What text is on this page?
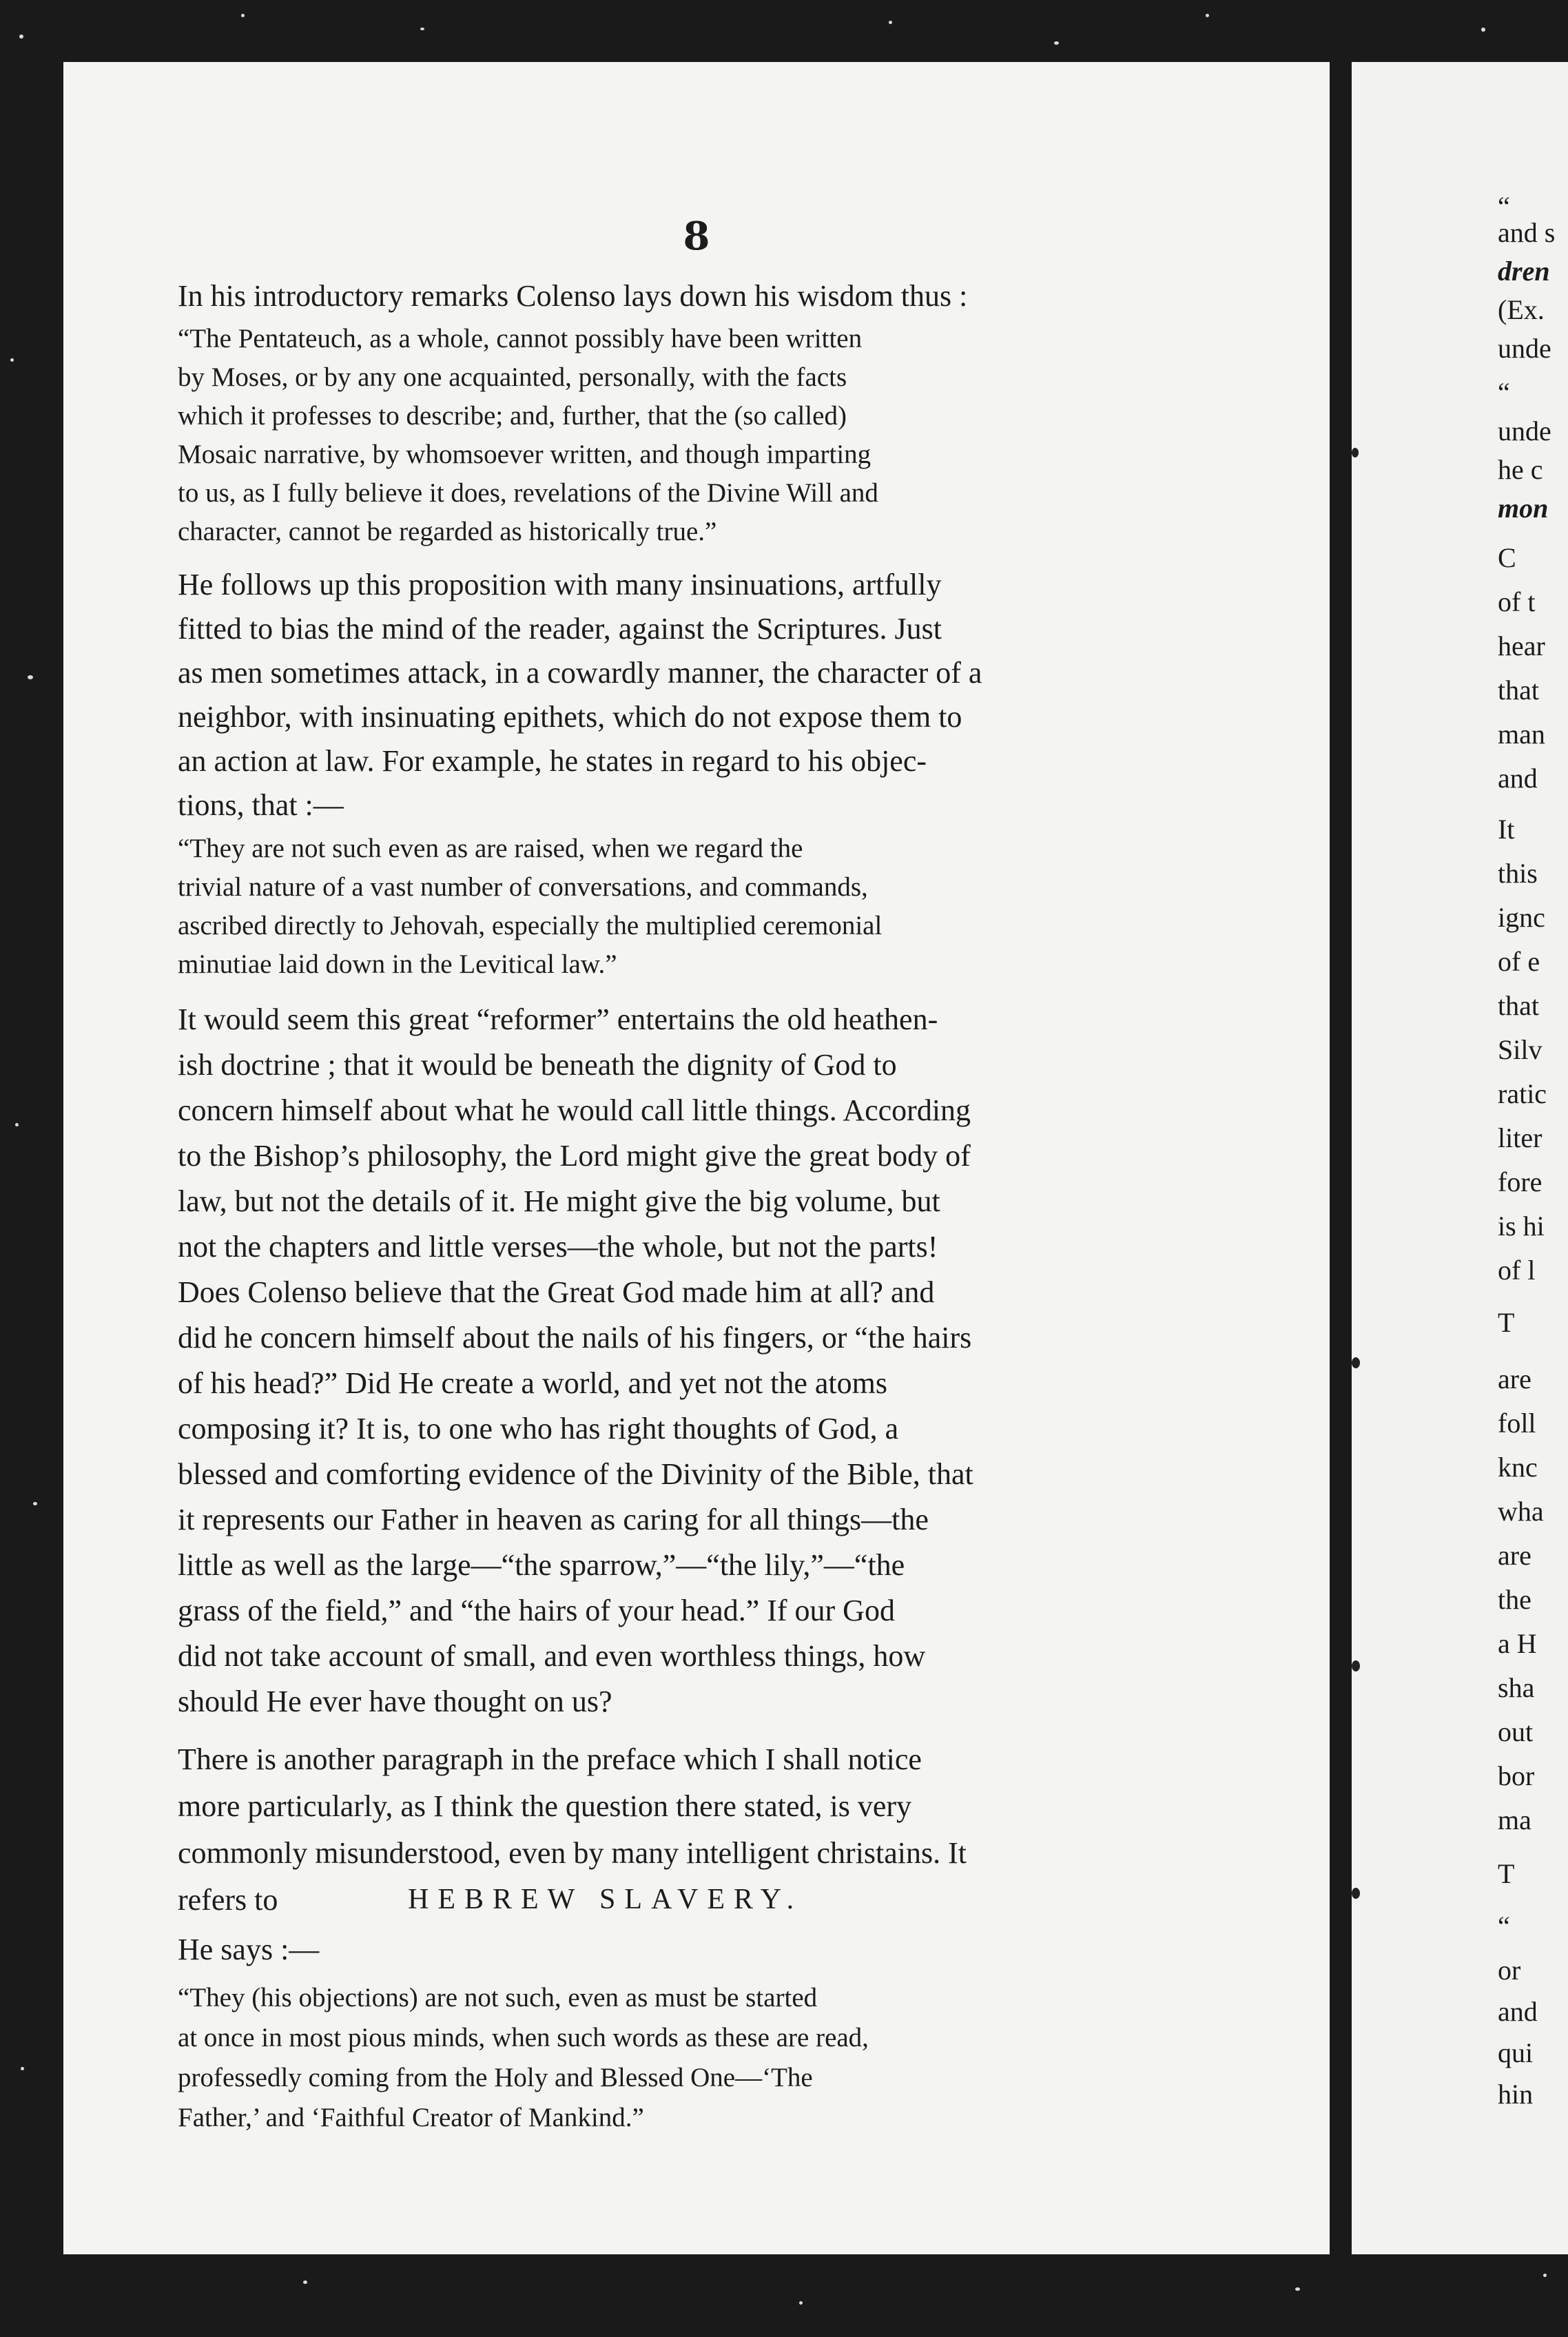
8
In his introductory remarks Colenso lays down his wisdom thus :
“The Pentateuch, as a whole, cannot possibly have been written
by Moses, or by any one acquainted, personally, with the facts
which it professes to describe; and, further, that the (so called)
Mosaic narrative, by whomsoever written, and though imparting
to us, as I fully believe it does, revelations of the Divine Will and
character, cannot be regarded as historically true.”
He follows up this proposition with many insinuations, artfully
fitted to bias the mind of the reader, against the Scriptures. Just
as men sometimes attack, in a cowardly manner, the character of a
neighbor, with insinuating epithets, which do not expose them to
an action at law. For example, he states in regard to his objec-
tions, that :—
“They are not such even as are raised, when we regard the
trivial nature of a vast number of conversations, and commands,
ascribed directly to Jehovah, especially the multiplied ceremonial
minutiae laid down in the Levitical law.”
It would seem this great “reformer” entertains the old heathen-
ish doctrine ; that it would be beneath the dignity of God to
concern himself about what he would call little things. According
to the Bishop’s philosophy, the Lord might give the great body of
law, but not the details of it. He might give the big volume, but
not the chapters and little verses—the whole, but not the parts!
Does Colenso believe that the Great God made him at all? and
did he concern himself about the nails of his fingers, or “the hairs
of his head?” Did He create a world, and yet not the atoms
composing it? It is, to one who has right thoughts of God, a
blessed and comforting evidence of the Divinity of the Bible, that
it represents our Father in heaven as caring for all things—the
little as well as the large—“the sparrow,”—“the lily,”—“the
grass of the field,” and “the hairs of your head.” If our God
did not take account of small, and even worthless things, how
should He ever have thought on us?
There is another paragraph in the preface which I shall notice
more particularly, as I think the question there stated, is very
commonly misunderstood, even by many intelligent christains. It
refers to
He says :—
“They (his objections) are not such, even as must be started
at once in most pious minds, when such words as these are read,
professedly coming from the Holy and Blessed One—‘The
Father,’ and ‘Faithful Creator of Mankind.”
HEBREW SLAVERY.
“
and s
dren
(Ex.
unde
“
unde
he c
mon
C
of t
hear
that
man
and
It
this
ignc
of e
that
Silv
ratic
liter
fore
is hi
of l
T
are
foll
knc
wha
are
the
a H
sha
out
bor
ma
T
“
or
and
qui
hin
